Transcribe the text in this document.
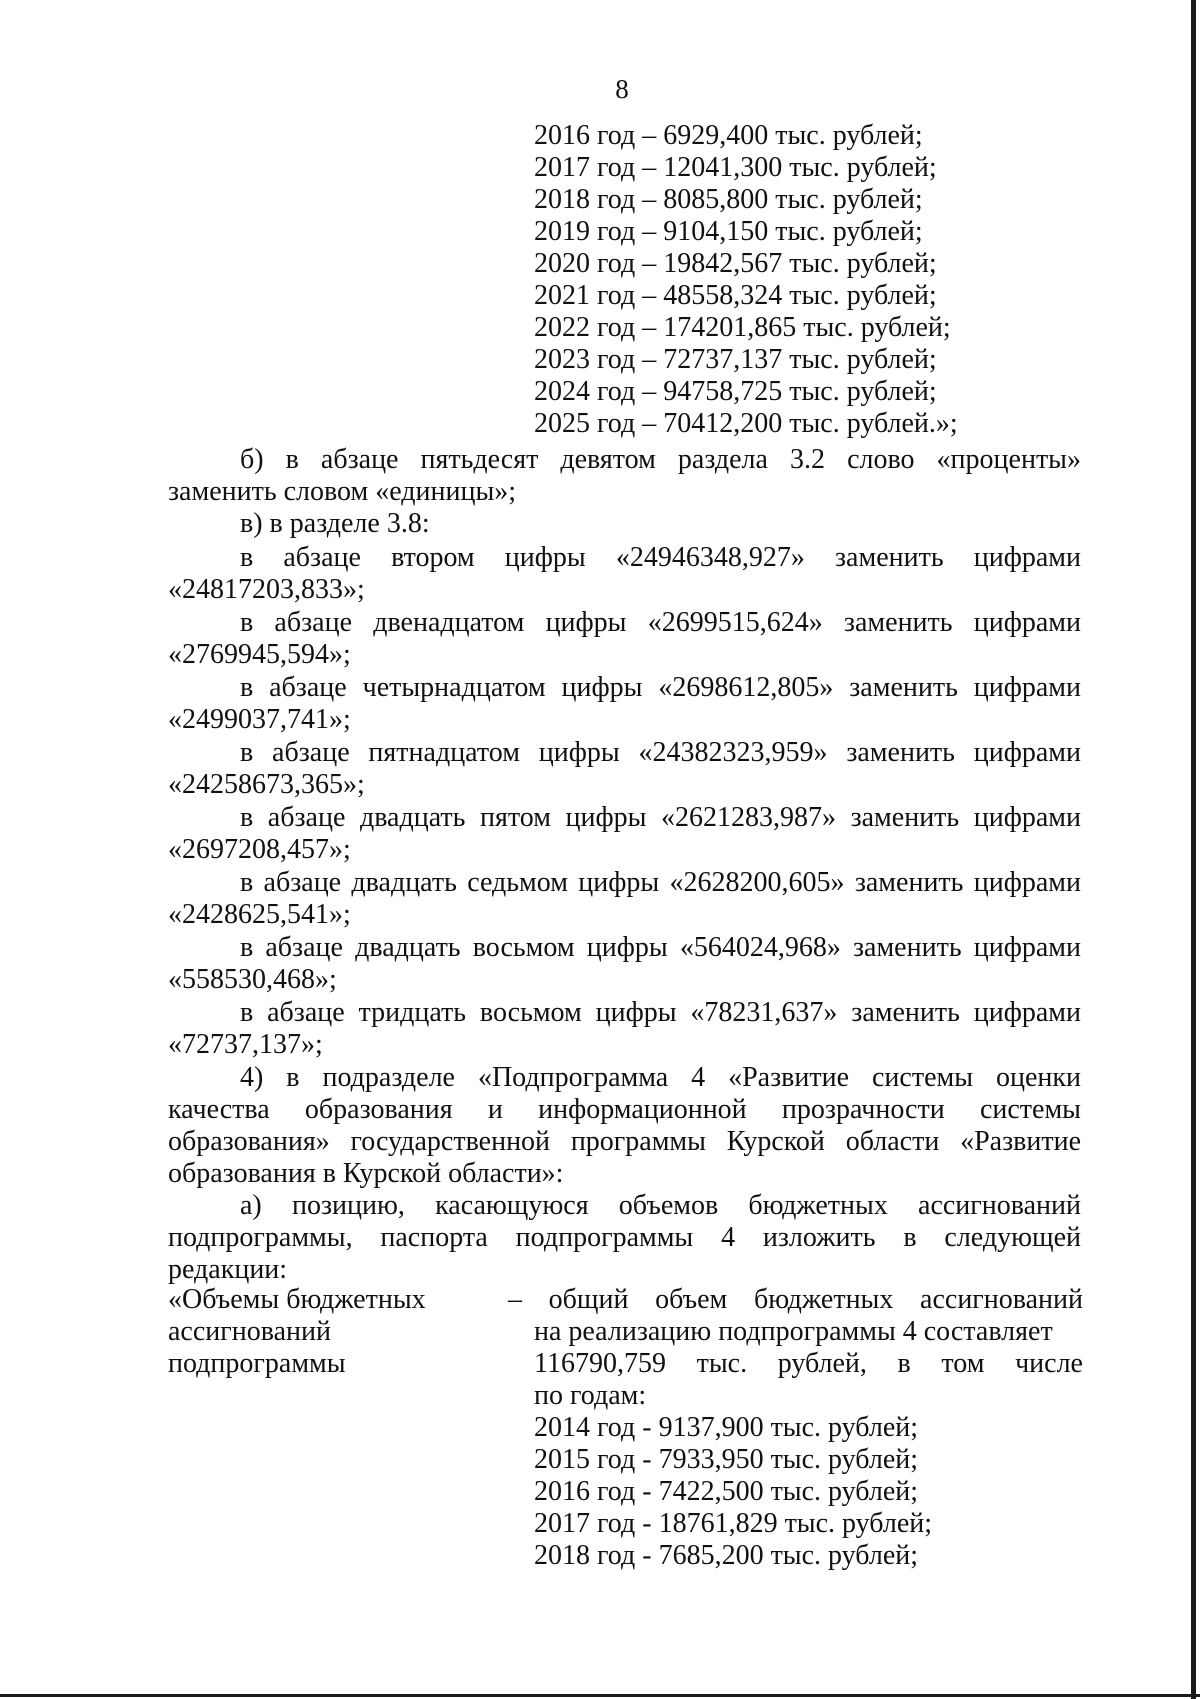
8
2016 год – 6929,400 тыс. рублей;
2017 год – 12041,300 тыс. рублей;
2018 год – 8085,800 тыс. рублей;
2019 год – 9104,150 тыс. рублей;
2020 год – 19842,567 тыс. рублей;
2021 год – 48558,324 тыс. рублей;
2022 год – 174201,865 тыс. рублей;
2023 год – 72737,137 тыс. рублей;
2024 год – 94758,725 тыс. рублей;
2025 год – 70412,200 тыс. рублей.»;
б) в абзаце пятьдесят девятом раздела 3.2 слово «проценты»
заменить словом «единицы»;
в) в разделе 3.8:
в абзаце втором цифры «24946348,927» заменить цифрами
«24817203,833»;
в абзаце двенадцатом цифры «2699515,624» заменить цифрами
«2769945,594»;
в абзаце четырнадцатом цифры «2698612,805» заменить цифрами
«2499037,741»;
в абзаце пятнадцатом цифры «24382323,959» заменить цифрами
«24258673,365»;
в абзаце двадцать пятом цифры «2621283,987» заменить цифрами
«2697208,457»;
в абзаце двадцать седьмом цифры «2628200,605» заменить цифрами
«2428625,541»;
в абзаце двадцать восьмом цифры «564024,968» заменить цифрами
«558530,468»;
в абзаце тридцать восьмом цифры «78231,637» заменить цифрами
«72737,137»;
4) в подразделе «Подпрограмма 4 «Развитие системы оценки
качества образования и информационной прозрачности системы
образования» государственной программы Курской области «Развитие
образования в Курской области»:
а) позицию, касающуюся объемов бюджетных ассигнований
подпрограммы, паспорта подпрограммы 4 изложить в следующей
редакции:
«Объемы бюджетных
ассигнований
подпрограммы
– общий объем бюджетных ассигнований
на реализацию подпрограммы 4 составляет
116790,759 тыс. рублей, в том числе
по годам:
2014 год - 9137,900 тыс. рублей;
2015 год - 7933,950 тыс. рублей;
2016 год - 7422,500 тыс. рублей;
2017 год - 18761,829 тыс. рублей;
2018 год - 7685,200 тыс. рублей;
